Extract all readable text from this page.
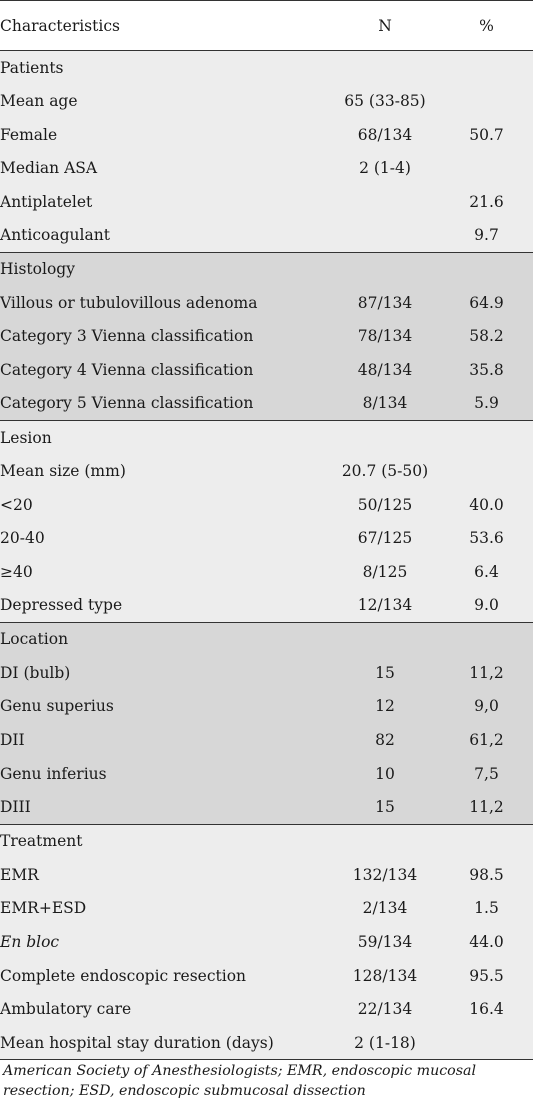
Characteristics	N	%
Patients		
Mean age	65 (33-85)	
Female	68/134	50.7
Median ASA	2 (1-4)	
Antiplatelet		21.6
Anticoagulant		9.7
Histology		
Villous or tubulovillous adenoma	87/134	64.9
Category 3 Vienna classification	78/134	58.2
Category 4 Vienna classification	48/134	35.8
Category 5 Vienna classification	8/134	5.9
Lesion		
Mean size (mm)	20.7 (5-50)	
<20	50/125	40.0
20-40	67/125	53.6
≥40	8/125	6.4
Depressed type	12/134	9.0
Location		
DI (bulb)	15	11,2
Genu superius	12	9,0
DII	82	61,2
Genu inferius	10	7,5
DIII	15	11,2
Treatment		
EMR	132/134	98.5
EMR+ESD	2/134	1.5
En bloc	59/134	44.0
Complete endoscopic resection	128/134	95.5
Ambulatory care	22/134	16.4
Mean hospital stay duration (days)	2 (1-18)	
American Society of Anesthesiologists; EMR, endoscopic mucosal resection; ESD, endoscopic submucosal dissection
